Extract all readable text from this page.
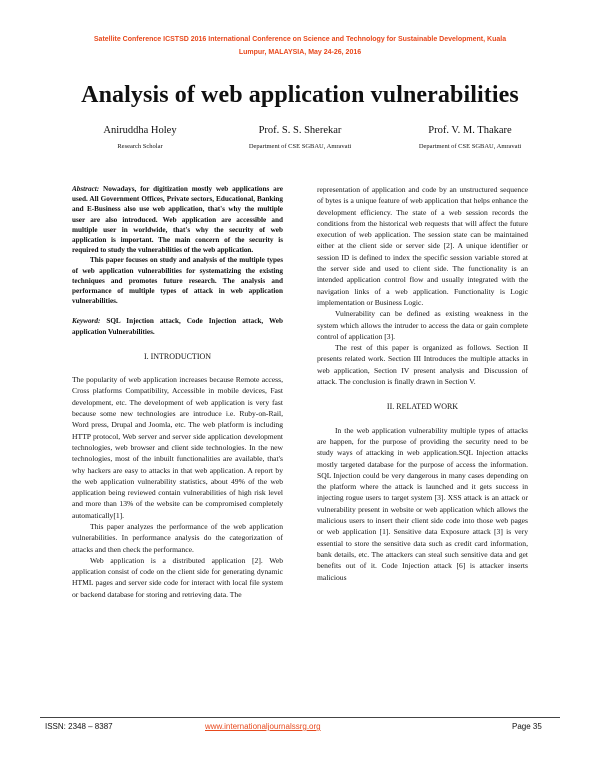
Satellite Conference ICSTSD 2016 International Conference on Science and Technology for Sustainable Development, Kuala
Lumpur, MALAYSIA, May 24-26, 2016
Analysis of web application vulnerabilities
Aniruddha Holey
Research Scholar
Prof. S. S. Sherekar
Department of CSE SGBAU, Amravati
Prof. V. M. Thakare
Department of CSE SGBAU, Amravati

Abstract: Nowadays, for digitization mostly web applications are used. All Government Offices, Private sectors, Educational, Banking and E-Business also use web application, that's why the multiple user are also introduced. Web application are accessible and multiple user in worldwide, that's why the security of web application is important. The main concern of the security is required to study the vulnerabilities of the web application.

This paper focuses on study and analysis of the multiple types of web application vulnerabilities for systematizing the existing techniques and promotes future research. The analysis and performance of multiple types of attack in web application vulnerabilities.

Keyword: SQL Injection attack, Code Injection attack, Web application Vulnerabilities.

I. INTRODUCTION

The popularity of web application increases because Remote access, Cross platforms Compatibility, Accessible in mobile devices, Fast development, etc. The development of web application is very fast because some new technologies are introduce i.e. Ruby-on-Rail, Word press, Drupal and Joomla, etc. The web platform is including HTTP protocol, Web server and server side application development technologies, web browser and client side technologies. In the new technologies, most of the inbuilt functionalities are available, that's why hackers are easy to attacks in that web application. A report by the web application vulnerability statistics, about 49% of the web application being reviewed contain vulnerabilities of high risk level and more than 13% of the website can be compromised completely automatically[1].

This paper analyzes the performance of the web application vulnerabilities. In performance analysis do the categorization of attacks and then check the performance.

Web application is a distributed application [2]. Web application consist of code on the client side for generating dynamic HTML pages and server side code for interact with local file system or backend database for storing and retrieving data. The

representation of application and code by an unstructured sequence of bytes is a unique feature of web application that helps enhance the development efficiency. The state of a web session records the conditions from the historical web requests that will affect the future execution of web application. The session state can be maintained either at the client side or server side [2]. A unique identifier or session ID is defined to index the specific session variable stored at the server side and used to client side. The functionality is an intended application control flow and usually integrated with the navigation links of a web application. Functionality is Logic implementation or Business Logic.

Vulnerability can be defined as existing weakness in the system which allows the intruder to access the data or gain complete control of application [3].

The rest of this paper is organized as follows. Section II presents related work. Section III Introduces the multiple attacks in web application, Section IV present analysis and Discussion of attack. The conclusion is finally drawn in Section V.

II. RELATED WORK

In the web application vulnerability multiple types of attacks are happen, for the purpose of providing the security need to be study ways of attacking in web application.SQL Injection attacks mostly targeted database for the purpose of access the information. SQL Injection could be very dangerous in many cases depending on the platform where the attack is launched and it gets success in injecting rogue users to target system [3]. XSS attack is an attack or vulnerability present in website or web application which allows the malicious users to insert their client side code into those web pages or web application [1]. Sensitive data Exposure attack [3] is very essential to store the sensitive data such as credit card information, bank details, etc. The attackers can steal such sensitive data and get benefits out of it. Code Injection attack [6] is attacker inserts malicious

ISSN: 2348 – 8387	www.internationaljournalssrg.org	Page 35
